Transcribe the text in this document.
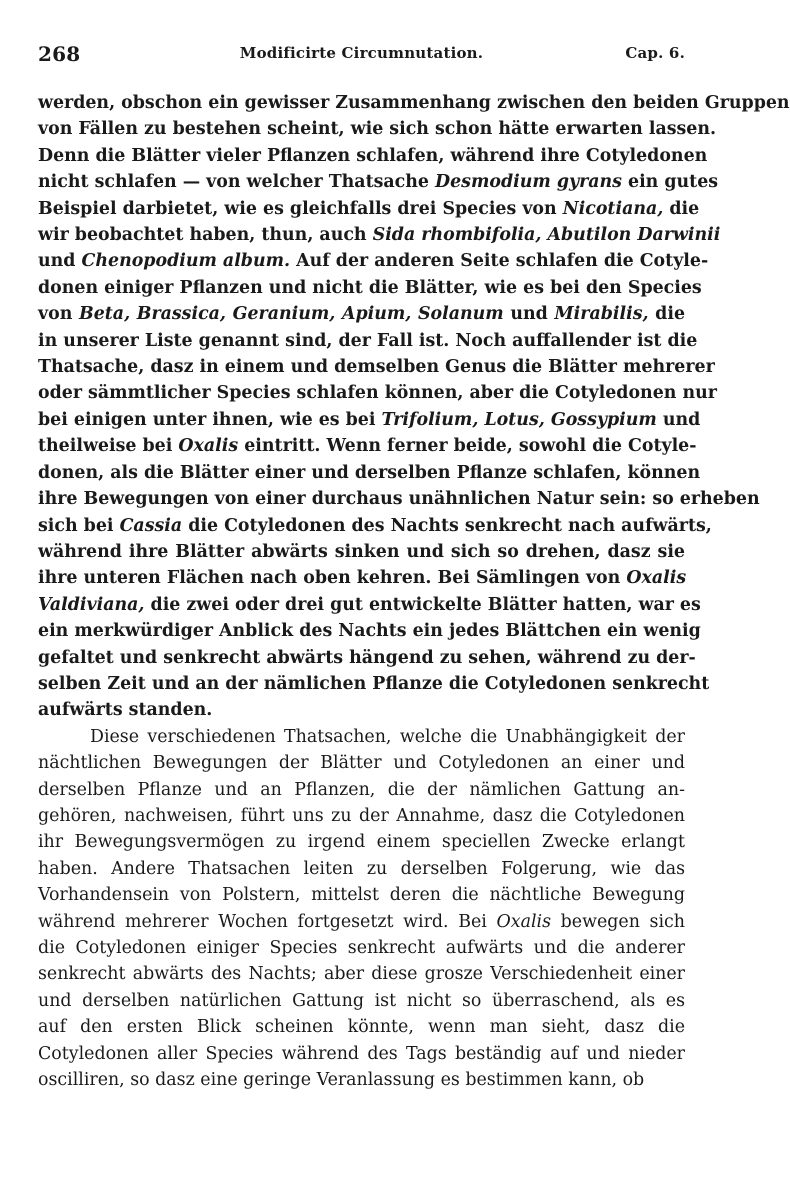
268	Modificirte Circumnutation.	Cap. 6.
werden, obschon ein gewisser Zusammenhang zwischen den beiden Gruppen
von Fällen zu bestehen scheint, wie sich schon hätte erwarten lassen.
Denn die Blätter vieler Pflanzen schlafen, während ihre Cotyledonen
nicht schlafen — von welcher Thatsache Desmodium gyrans ein gutes
Beispiel darbietet, wie es gleichfalls drei Species von Nicotiana, die
wir beobachtet haben, thun, auch Sida rhombifolia, Abutilon Darwinii
und Chenopodium album. Auf der anderen Seite schlafen die Cotyle-
donen einiger Pflanzen und nicht die Blätter, wie es bei den Species
von Beta, Brassica, Geranium, Apium, Solanum und Mirabilis, die
in unserer Liste genannt sind, der Fall ist. Noch auffallender ist die
Thatsache, dasz in einem und demselben Genus die Blätter mehrerer
oder sämmtlicher Species schlafen können, aber die Cotyledonen nur
bei einigen unter ihnen, wie es bei Trifolium, Lotus, Gossypium und
theilweise bei Oxalis eintritt. Wenn ferner beide, sowohl die Cotyle-
donen, als die Blätter einer und derselben Pflanze schlafen, können
ihre Bewegungen von einer durchaus unähnlichen Natur sein: so erheben
sich bei Cassia die Cotyledonen des Nachts senkrecht nach aufwärts,
während ihre Blätter abwärts sinken und sich so drehen, dasz sie
ihre unteren Flächen nach oben kehren. Bei Sämlingen von Oxalis
Valdiviana, die zwei oder drei gut entwickelte Blätter hatten, war es
ein merkwürdiger Anblick des Nachts ein jedes Blättchen ein wenig
gefaltet und senkrecht abwärts hängend zu sehen, während zu der-
selben Zeit und an der nämlichen Pflanze die Cotyledonen senkrecht
aufwärts standen.
Diese verschiedenen Thatsachen, welche die Unabhängigkeit der
nächtlichen Bewegungen der Blätter und Cotyledonen an einer und
derselben Pflanze und an Pflanzen, die der nämlichen Gattung an-
gehören, nachweisen, führt uns zu der Annahme, dasz die Cotyledonen
ihr Bewegungsvermögen zu irgend einem speciellen Zwecke erlangt
haben. Andere Thatsachen leiten zu derselben Folgerung, wie das
Vorhandensein von Polstern, mittelst deren die nächtliche Bewegung
während mehrerer Wochen fortgesetzt wird. Bei Oxalis bewegen sich
die Cotyledonen einiger Species senkrecht aufwärts und die anderer
senkrecht abwärts des Nachts; aber diese grosze Verschiedenheit einer
und derselben natürlichen Gattung ist nicht so überraschend, als es
auf den ersten Blick scheinen könnte, wenn man sieht, dasz die
Cotyledonen aller Species während des Tags beständig auf und nieder
oscilliren, so dasz eine geringe Veranlassung es bestimmen kann, ob
